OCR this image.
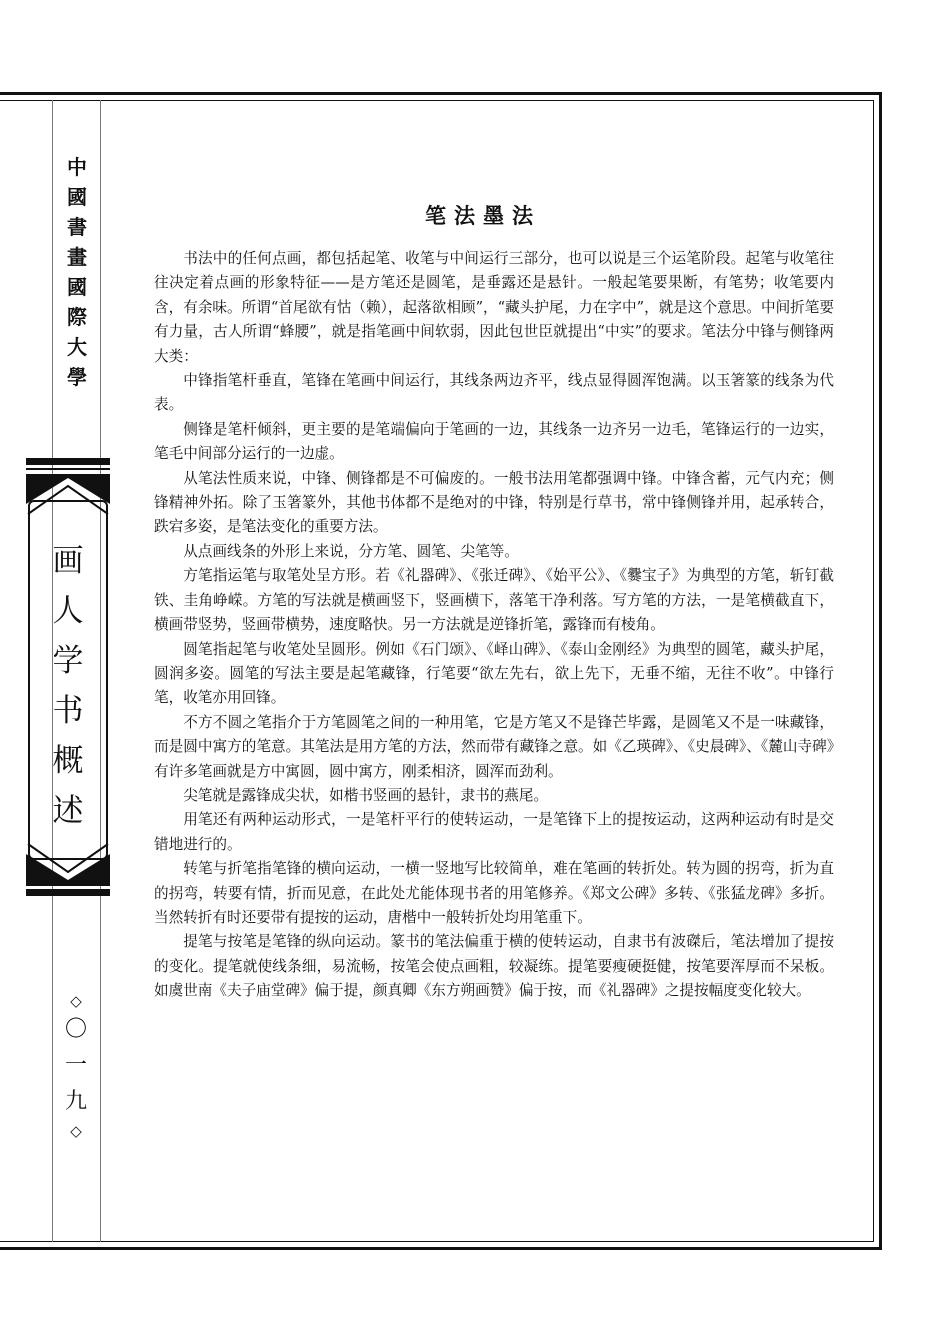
中
國
書
畫
國
際
大
學
画
人
学
书
概
述
◇
〇
一
九
◇
笔法墨法

书法中的任何点画，都包括起笔、收笔与中间运行三部分，也可以说是三个运笔阶段。起笔与收笔往往决定着点画的形象特征——是方笔还是圆笔，是垂露还是悬针。一般起笔要果断，有笔势；收笔要内含，有余味。所谓“首尾欲有怙（赖），起落欲相顾”，“藏头护尾，力在字中”，就是这个意思。中间折笔要有力量，古人所谓“蜂腰”，就是指笔画中间软弱，因此包世臣就提出“中实”的要求。笔法分中锋与侧锋两大类：

中锋指笔杆垂直，笔锋在笔画中间运行，其线条两边齐平，线点显得圆浑饱满。以玉箸篆的线条为代表。

侧锋是笔杆倾斜，更主要的是笔端偏向于笔画的一边，其线条一边齐另一边毛，笔锋运行的一边实，笔毛中间部分运行的一边虚。

从笔法性质来说，中锋、侧锋都是不可偏废的。一般书法用笔都强调中锋。中锋含蓄，元气内充；侧锋精神外拓。除了玉箸篆外，其他书体都不是绝对的中锋，特别是行草书，常中锋侧锋并用，起承转合，跌宕多姿，是笔法变化的重要方法。

从点画线条的外形上来说，分方笔、圆笔、尖笔等。

方笔指运笔与取笔处呈方形。若《礼器碑》、《张迁碑》、《始平公》、《爨宝子》为典型的方笔，斩钉截铁、圭角峥嵘。方笔的写法就是横画竖下，竖画横下，落笔干净利落。写方笔的方法，一是笔横截直下，横画带竖势，竖画带横势，速度略快。另一方法就是逆锋折笔，露锋而有棱角。

圆笔指起笔与收笔处呈圆形。例如《石门颂》、《峄山碑》、《泰山金刚经》为典型的圆笔，藏头护尾，圆润多姿。圆笔的写法主要是起笔藏锋，行笔要“欲左先右，欲上先下，无垂不缩，无往不收”。中锋行笔，收笔亦用回锋。

不方不圆之笔指介于方笔圆笔之间的一种用笔，它是方笔又不是锋芒毕露，是圆笔又不是一味藏锋，而是圆中寓方的笔意。其笔法是用方笔的方法，然而带有藏锋之意。如《乙瑛碑》、《史晨碑》、《麓山寺碑》有许多笔画就是方中寓圆，圆中寓方，刚柔相济，圆浑而劲利。

尖笔就是露锋成尖状，如楷书竖画的悬针，隶书的燕尾。

用笔还有两种运动形式，一是笔杆平行的使转运动，一是笔锋下上的提按运动，这两种运动有时是交错地进行的。

转笔与折笔指笔锋的横向运动，一横一竖地写比较简单，难在笔画的转折处。转为圆的拐弯，折为直的拐弯，转要有情，折而见意，在此处尤能体现书者的用笔修养。《郑文公碑》多转、《张猛龙碑》多折。当然转折有时还要带有提按的运动，唐楷中一般转折处均用笔重下。

提笔与按笔是笔锋的纵向运动。篆书的笔法偏重于横的使转运动，自隶书有波磔后，笔法增加了提按的变化。提笔就使线条细，易流畅，按笔会使点画粗，较凝练。提笔要瘦硬挺健，按笔要浑厚而不呆板。如虞世南《夫子庙堂碑》偏于提，颜真卿《东方朔画赞》偏于按，而《礼器碑》之提按幅度变化较大。
